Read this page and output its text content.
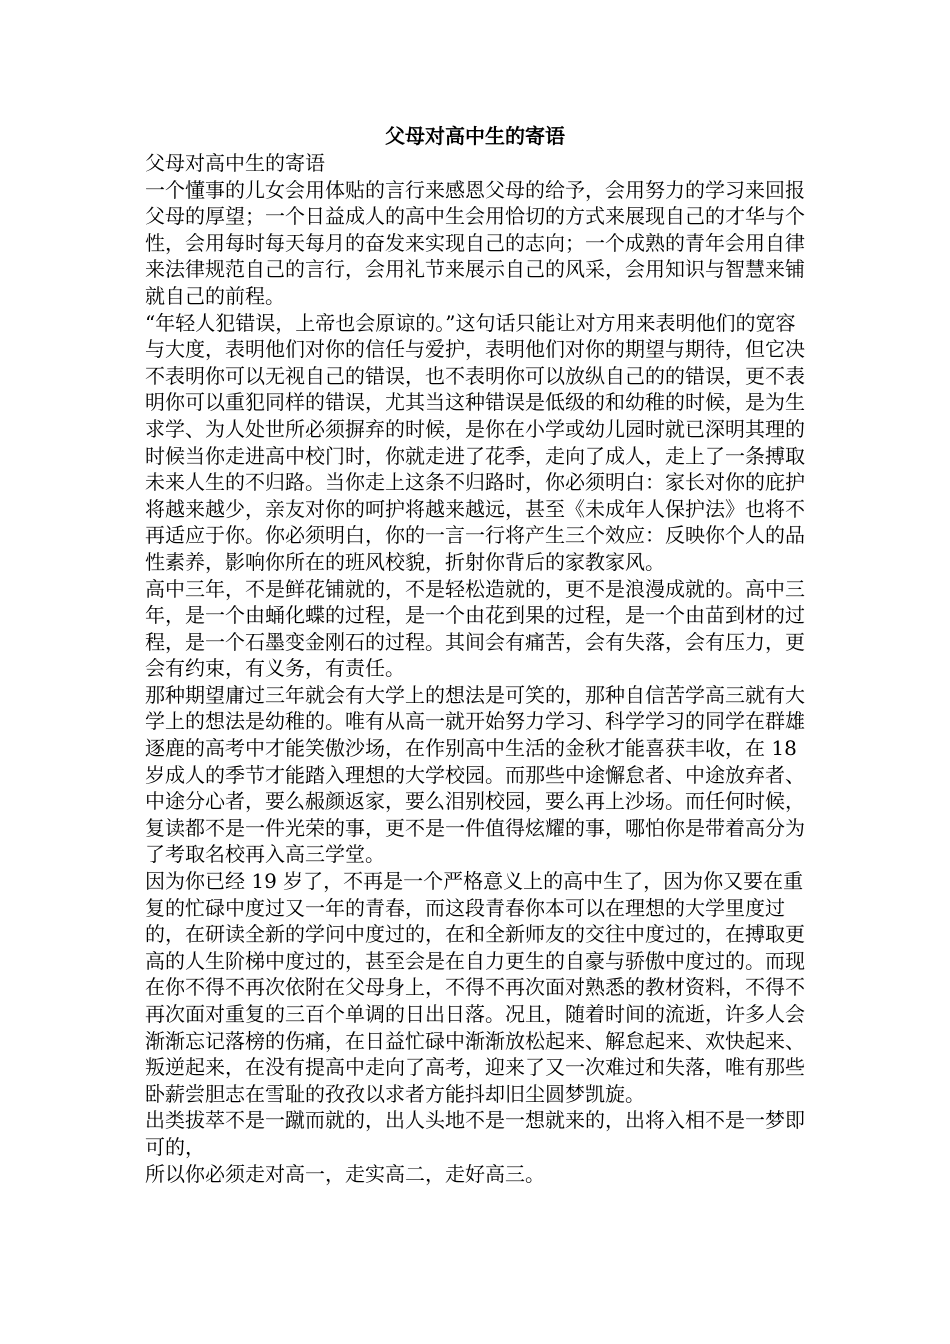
父母对高中生的寄语

父母对高中生的寄语

一个懂事的儿女会用体贴的言行来感恩父母的给予，会用努力的学习来回报父母的厚望；一个日益成人的高中生会用恰切的方式来展现自己的才华与个性，会用每时每天每月的奋发来实现自己的志向；一个成熟的青年会用自律来法律规范自己的言行，会用礼节来展示自己的风采，会用知识与智慧来铺就自己的前程。

“年轻人犯错误，上帝也会原谅的。”这句话只能让对方用来表明他们的宽容与大度，表明他们对你的信任与爱护，表明他们对你的期望与期待，但它决不表明你可以无视自己的错误，也不表明你可以放纵自己的的错误，更不表明你可以重犯同样的错误，尤其当这种错误是低级的和幼稚的时候，是为生求学、为人处世所必须摒弃的时候，是你在小学或幼儿园时就已深明其理的时候当你走进高中校门时，你就走进了花季，走向了成人，走上了一条搏取未来人生的不归路。当你走上这条不归路时，你必须明白：家长对你的庇护将越来越少，亲友对你的呵护将越来越远，甚至《未成年人保护法》也将不再适应于你。你必须明白，你的一言一行将产生三个效应：反映你个人的品性素养，影响你所在的班风校貌，折射你背后的家教家风。

高中三年，不是鲜花铺就的，不是轻松造就的，更不是浪漫成就的。高中三年，是一个由蛹化蝶的过程，是一个由花到果的过程，是一个由苗到材的过程，是一个石墨变金刚石的过程。其间会有痛苦，会有失落，会有压力，更会有约束，有义务，有责任。

那种期望庸过三年就会有大学上的想法是可笑的，那种自信苦学高三就有大学上的想法是幼稚的。唯有从高一就开始努力学习、科学学习的同学在群雄逐鹿的高考中才能笑傲沙场，在作别高中生活的金秋才能喜获丰收，在 18 岁成人的季节才能踏入理想的大学校园。而那些中途懈怠者、中途放弃者、中途分心者，要么赧颜返家，要么泪别校园，要么再上沙场。而任何时候，复读都不是一件光荣的事，更不是一件值得炫耀的事，哪怕你是带着高分为了考取名校再入高三学堂。

因为你已经 19 岁了，不再是一个严格意义上的高中生了，因为你又要在重复的忙碌中度过又一年的青春，而这段青春你本可以在理想的大学里度过的，在研读全新的学问中度过的，在和全新师友的交往中度过的，在搏取更高的人生阶梯中度过的，甚至会是在自力更生的自豪与骄傲中度过的。而现在你不得不再次依附在父母身上，不得不再次面对熟悉的教材资料，不得不再次面对重复的三百个单调的日出日落。况且，随着时间的流逝，许多人会渐渐忘记落榜的伤痛，在日益忙碌中渐渐放松起来、解怠起来、欢快起来、叛逆起来，在没有提高中走向了高考，迎来了又一次难过和失落，唯有那些卧薪尝胆志在雪耻的孜孜以求者方能抖却旧尘圆梦凯旋。

出类拔萃不是一蹴而就的，出人头地不是一想就来的，出将入相不是一梦即可的，

所以你必须走对高一，走实高二，走好高三。
